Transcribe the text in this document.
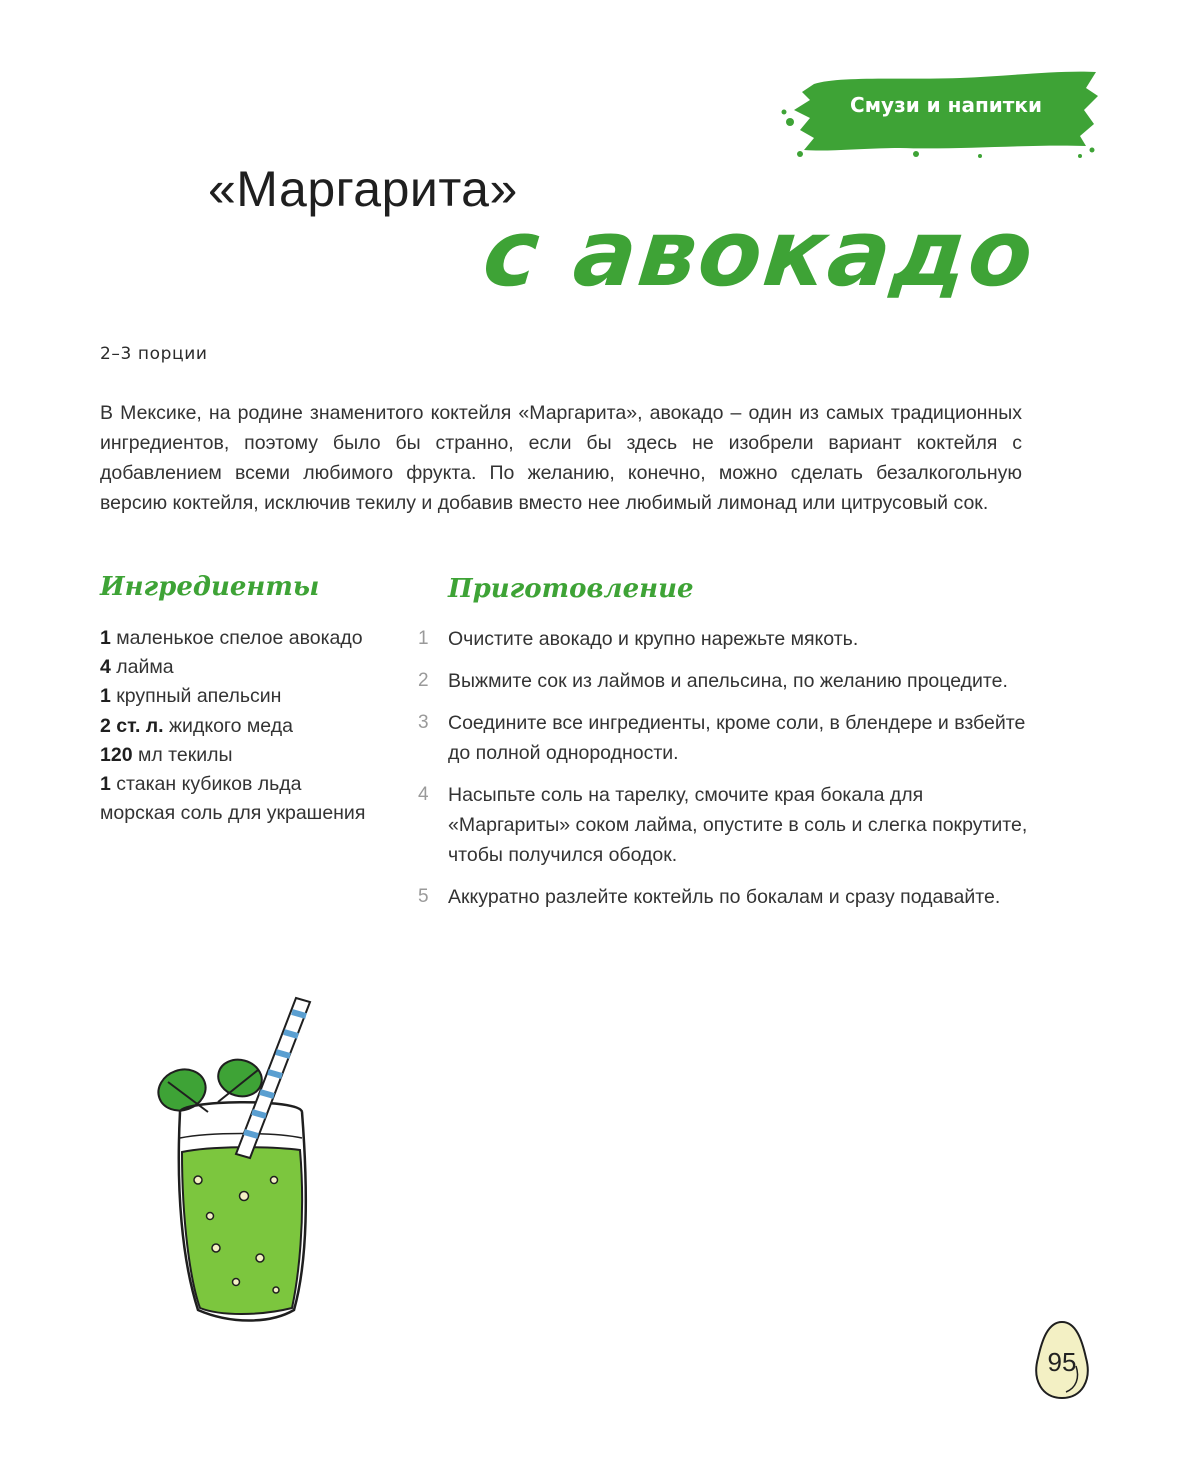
Смузи и напитки
«Маргарита»
с авокадо
2–3 порции
В Мексике, на родине знаменитого коктейля «Маргарита», авокадо – один из самых традиционных ингредиентов, поэтому было бы странно, если бы здесь не изобрели вариант коктейля с добавлением всеми любимого фрукта. По желанию, конечно, можно сделать безалкогольную версию коктейля, исключив текилу и добавив вместо нее любимый лимонад или цитрусовый сок.
Ингредиенты
1 маленькое спелое авокадо
4 лайма
1 крупный апельсин
2 ст. л. жидкого меда
120 мл текилы
1 стакан кубиков льда
морская соль для украшения
Приготовление
1 Очистите авокадо и крупно нарежьте мякоть.
2 Выжмите сок из лаймов и апельсина, по желанию процедите.
3 Соедините все ингредиенты, кроме соли, в блендере и взбейте до полной однородности.
4 Насыпьте соль на тарелку, смочите края бокала для «Маргариты» соком лайма, опустите в соль и слегка покрутите, чтобы получился ободок.
5 Аккуратно разлейте коктейль по бокалам и сразу подавайте.
95
